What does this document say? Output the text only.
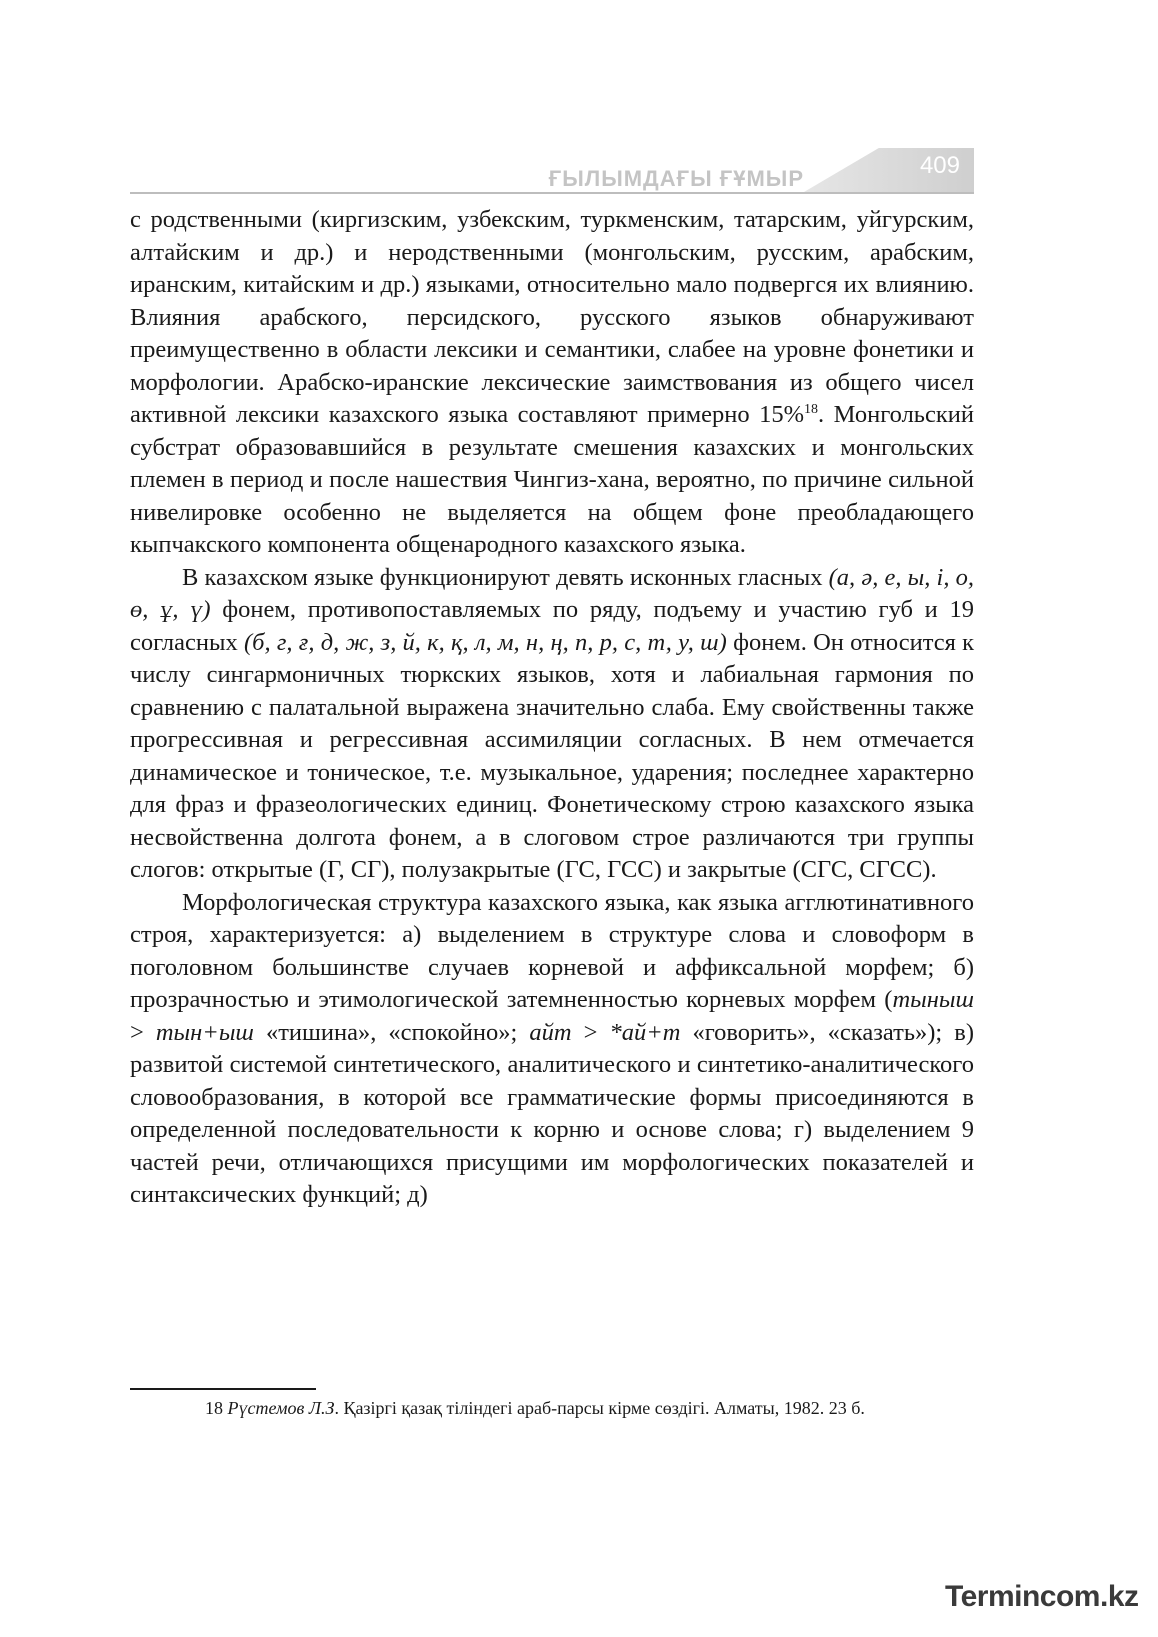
ҒЫЛЫМДАҒЫ ҒҰМЫР	409

с родственными (киргизским, узбекским, туркменским, татарским, уйгурским, алтайским и др.) и неродственными (монгольским, русским, арабским, иранским, китайским и др.) языками, относительно мало подвергся их влиянию. Влияния арабского, персидского, русского языков обнаруживают преимущественно в области лексики и семантики, слабее на уровне фонетики и морфологии. Арабско-иранские лексические заимствования из общего чисел активной лексики казахского языка составляют примерно 15%$^{18}$. Монгольский субстрат образовавшийся в результате смешения казахских и монгольских племен в период и после нашествия Чингиз-хана, вероятно, по причине сильной нивелировке особенно не выделяется на общем фоне преобладающего кыпчакского компонента общенародного казахского языка.

В казахском языке функционируют девять исконных гласных (а, ә, е, ы, і, о, ө, ұ, ү) фонем, противопоставляемых по ряду, подъему и участию губ и 19 согласных (б, г, ғ, д, ж, з, й, к, қ, л, м, н, ң, п, р, с, т, у, ш) фонем. Он относится к числу сингармоничных тюркских языков, хотя и лабиальная гармония по сравнению с палатальной выражена значительно слаба. Ему свойственны также прогрессивная и регрессивная ассимиляции согласных. В нем отмечается динамическое и тоническое, т.е. музыкальное, ударения; последнее характерно для фраз и фразеологических единиц. Фонетическому строю казахского языка несвойственна долгота фонем, а в слоговом строе различаются три группы слогов: открытые (Г, СГ), полузакрытые (ГС, ГСС) и закрытые (СГС, СГСС).

Морфологическая структура казахского языка, как языка агглютинативного строя, характеризуется: а) выделением в структуре слова и словоформ в поголовном большинстве случаев корневой и аффиксальной морфем; б) прозрачностью и этимологической затемненностью корневых морфем (тыныш > тын+ыш «тишина», «спокойно»; айт > *ай+т «говорить», «сказать»); в) развитой системой синтетического, аналитического и синтетико-аналитического словообразования, в которой все грамматические формы присоединяются в определенной последовательности к корню и основе слова; г) выделением 9 частей речи, отличающихся присущими им морфологических показателей и синтаксических функций; д)

18 Рүстемов Л.З. Қазіргі қазақ тіліндегі араб-парсы кірме сөздігі. Алматы, 1982. 23 б.
Termincom.kz
